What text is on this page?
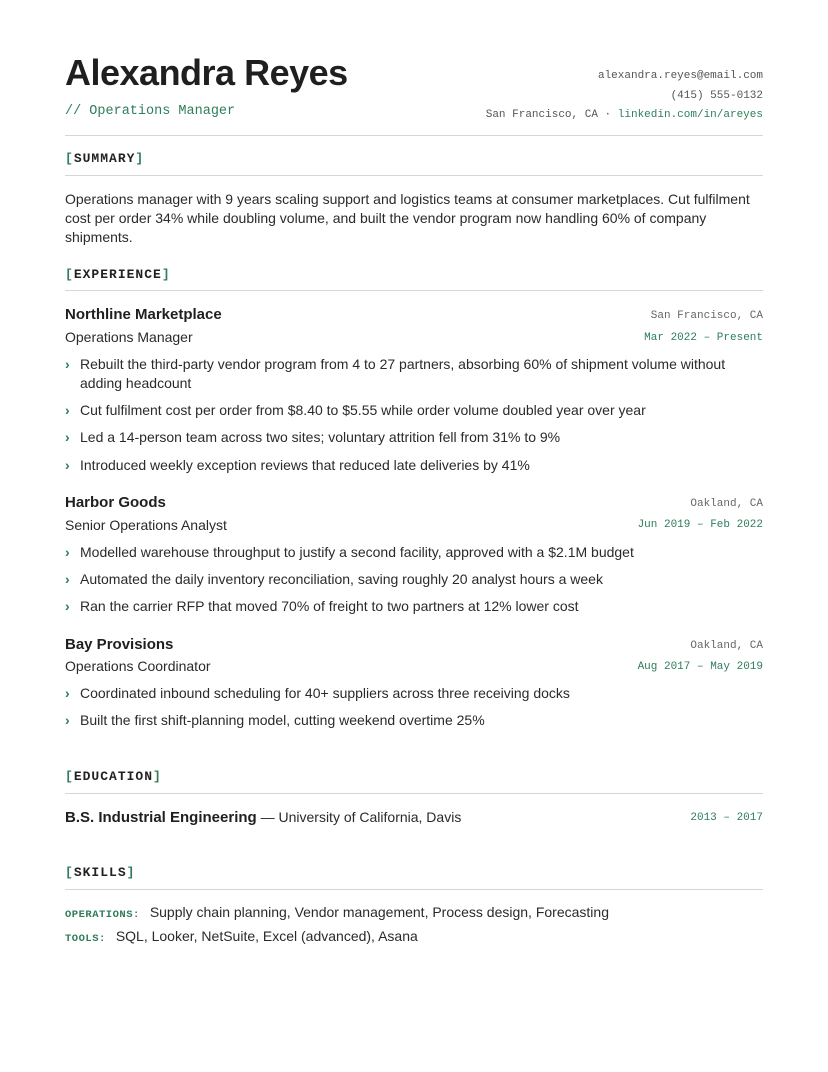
Alexandra Reyes
// Operations Manager
alexandra.reyes@email.com
(415) 555-0132
San Francisco, CA · linkedin.com/in/areyes
[SUMMARY]
Operations manager with 9 years scaling support and logistics teams at consumer marketplaces. Cut fulfilment cost per order 34% while doubling volume, and built the vendor program now handling 60% of company shipments.
[EXPERIENCE]
Northline Marketplace	San Francisco, CA
Operations Manager	Mar 2022 – Present
› Rebuilt the third-party vendor program from 4 to 27 partners, absorbing 60% of shipment volume without adding headcount
› Cut fulfilment cost per order from $8.40 to $5.55 while order volume doubled year over year
› Led a 14-person team across two sites; voluntary attrition fell from 31% to 9%
› Introduced weekly exception reviews that reduced late deliveries by 41%
Harbor Goods	Oakland, CA
Senior Operations Analyst	Jun 2019 – Feb 2022
› Modelled warehouse throughput to justify a second facility, approved with a $2.1M budget
› Automated the daily inventory reconciliation, saving roughly 20 analyst hours a week
› Ran the carrier RFP that moved 70% of freight to two partners at 12% lower cost
Bay Provisions	Oakland, CA
Operations Coordinator	Aug 2017 – May 2019
› Coordinated inbound scheduling for 40+ suppliers across three receiving docks
› Built the first shift-planning model, cutting weekend overtime 25%
[EDUCATION]
B.S. Industrial Engineering — University of California, Davis	2013 – 2017
[SKILLS]
OPERATIONS: Supply chain planning, Vendor management, Process design, Forecasting
TOOLS: SQL, Looker, NetSuite, Excel (advanced), Asana
